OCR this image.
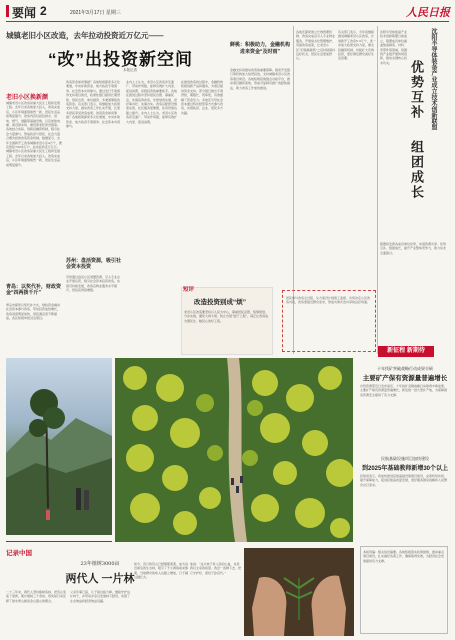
要闻 2	2021年3月17日 星期三	人民日报
城镇老旧小区改造，去年拉动投资近万亿元——
“改”出投资新空间
本报记者
老旧小区换新颜
城镇老旧小区改造是重大民生工程和发展工程。去年以来各地加大投入，改造完成后，小区环境面貌焕然一新，居民生活品质明显提升。改造内容包括给排水、供电、燃气、道路等基础设施，以及加装电梯、建设停车场、增设养老托育设施等。各地结合实际，创新投融资机制，吸引社会力量参与，形成政府与居民、社会力量合理共担的改造资金机制。数据显示，去年全国新开工改造城镇老旧小区4万个，惠及居民700多万户，拉动投资近万亿元。城镇老旧小区改造是重大民生工程和发展工程。去年以来各地加大投入，改造完成后，小区环境面貌焕然一新，居民生活品质明显提升。
青岛：以奖代补，财政资金“四两拨千斤”
青岛市探索以奖代补方式，财政资金撬动社会资本参与改造，带动投资成倍增长，改造进度明显加快，居民满意度不断提高，各区积极申报试点项目。
改造资金如何筹措？各地积极探索多元化渠道，中央补助资金、地方政府专项债券、社会资本共同参与。通过发行专项债券支持项目建设，政策性银行提供长期贷款，居民出资、单位捐资，多渠道筹集改造资金。有关部门表示，将继续加大政策支持力度，推动改造工作扎实开展，让更多居民享受改造成果。改造资金如何筹措？各地积极探索多元化渠道，中央补助资金、地方政府专项债券、社会资本共同参与。
苏州：盘活资源，吸引社会资本投资
苏州通过盘活小区闲置资源，引入专业企业开展运营，吸引社会资本投资改造，实现可持续发展，改造后物业服务水平提升，居民获得感增强。
业内人士认为，老旧小区改造涉及面广、带动作用强，能够有效扩大内需、促进消费，是稳投资的重要抓手。各地在推进过程中坚持居民自愿、尊重民意，先摸底再改造，先规划再实施，把好事办好、实事办实。改造后配套设施更完善，社区服务更便捷，住房价值也随之提升。业内人士认为，老旧小区改造涉及面广、带动作用强，能够有效扩大内需、促进消费。
短评
改造投资别成“烦”
老旧小区改造要坚持以人民为中心，尊重居民意愿，统筹规划，分步实施，避免大拆大建，防止出现“面子工程”，真正让改造成为惠民生、暖民心的好工程。
在推进改造的过程中，金融机构积极创新产品和服务，为项目提供资金支持。部分银行推出专项贷款，期限长、利率低，有效缓解了资金压力。多地还引导社会资本通过特许经营等方式参与改造，实现政府、企业、居民多方共赢。
鲜桃：积极助力，金融机构进来资金“及时雨”
金融支持是推动改造的重要保障。国家开发银行等机构加大信贷投放，支持城镇老旧小区改造项目建设。各地积极搭建银企对接平台，推动项目融资落地，形成可复制可推广的经验做法，助力改造工作加快推进。
各地还探索建立长效管理机制，改造完成后引入专业物业服务，开展常态化管理维护，巩固改造成果，让老旧小区“旧貌换新颜”之后持续保持良好状态，居民生活更加舒心。
有关部门表示，今年将继续推进城镇老旧小区改造，计划新开工改造5.3万个，进一步加大政策支持力度，健全投融资机制，持续扩大有效投资，更好满足群众美好生活需要。
居民参与改造全过程，从方案设计到施工监督，共同决定小区改造内容，改造更贴近群众需求，形成共建共治共享的良好局面。
沈阳半导体装备产业成立技术创新联盟
优势互补
组团成长
沈阳半导体装备产业技术创新联盟日前成立，联盟成员单位涵盖装备制造、材料、零部件等领域，将围绕产业链开展协同创新，推动关键核心技术攻关。
联盟将发挥各成员单位优势，实现资源共享、优势互补，组团成长，提升产业整体竞争力，助力东北全面振兴。
新征程 新期待
十年找矿突破战略行动成果丰硕
主要矿产保有资源量普遍增长
自然资源部近日发布消息，十年找矿突破战略行动取得丰硕成果，主要矿产保有资源量普遍增长，新发现一批大型矿产地，为保障国家资源安全提供了有力支撑。
民航基础设施项目加快建设
到2025年基础教师新增30个以上
民航局表示，将加快推进民航基础设施项目建设，完善机场布局，提升保障能力，促进民航高质量发展，更好服务国家战略和人民群众出行需求。
本版责编：相关信息摘要。各地积极落实政策措施，推动重点项目建设，扎实做好各项工作，确保取得实效，为经济社会发展提供有力支撑。
记录中国
23年植树3000亩
两代人 一片林
二十三年来，两代人坚持植树造林，把荒山变成了绿洲，累计植树三千余亩，用实际行动诠释了绿水青山就是金山银山的理念。
父亲年事已高，儿子接过接力棒，继续守护这片林子，并带动乡亲们发展林下经济，实现了生态效益和经济效益双赢。
如今，昔日的荒山已经郁郁葱葱，成为远近闻名的生态林，吸引了不少游客前来参观，当地群众的收入也随之增加，日子越过越红火。
他说：“这片林子是父亲的心血，也是我们全家的希望，我会一直种下去，把它守护好，留给子孙后代。”
